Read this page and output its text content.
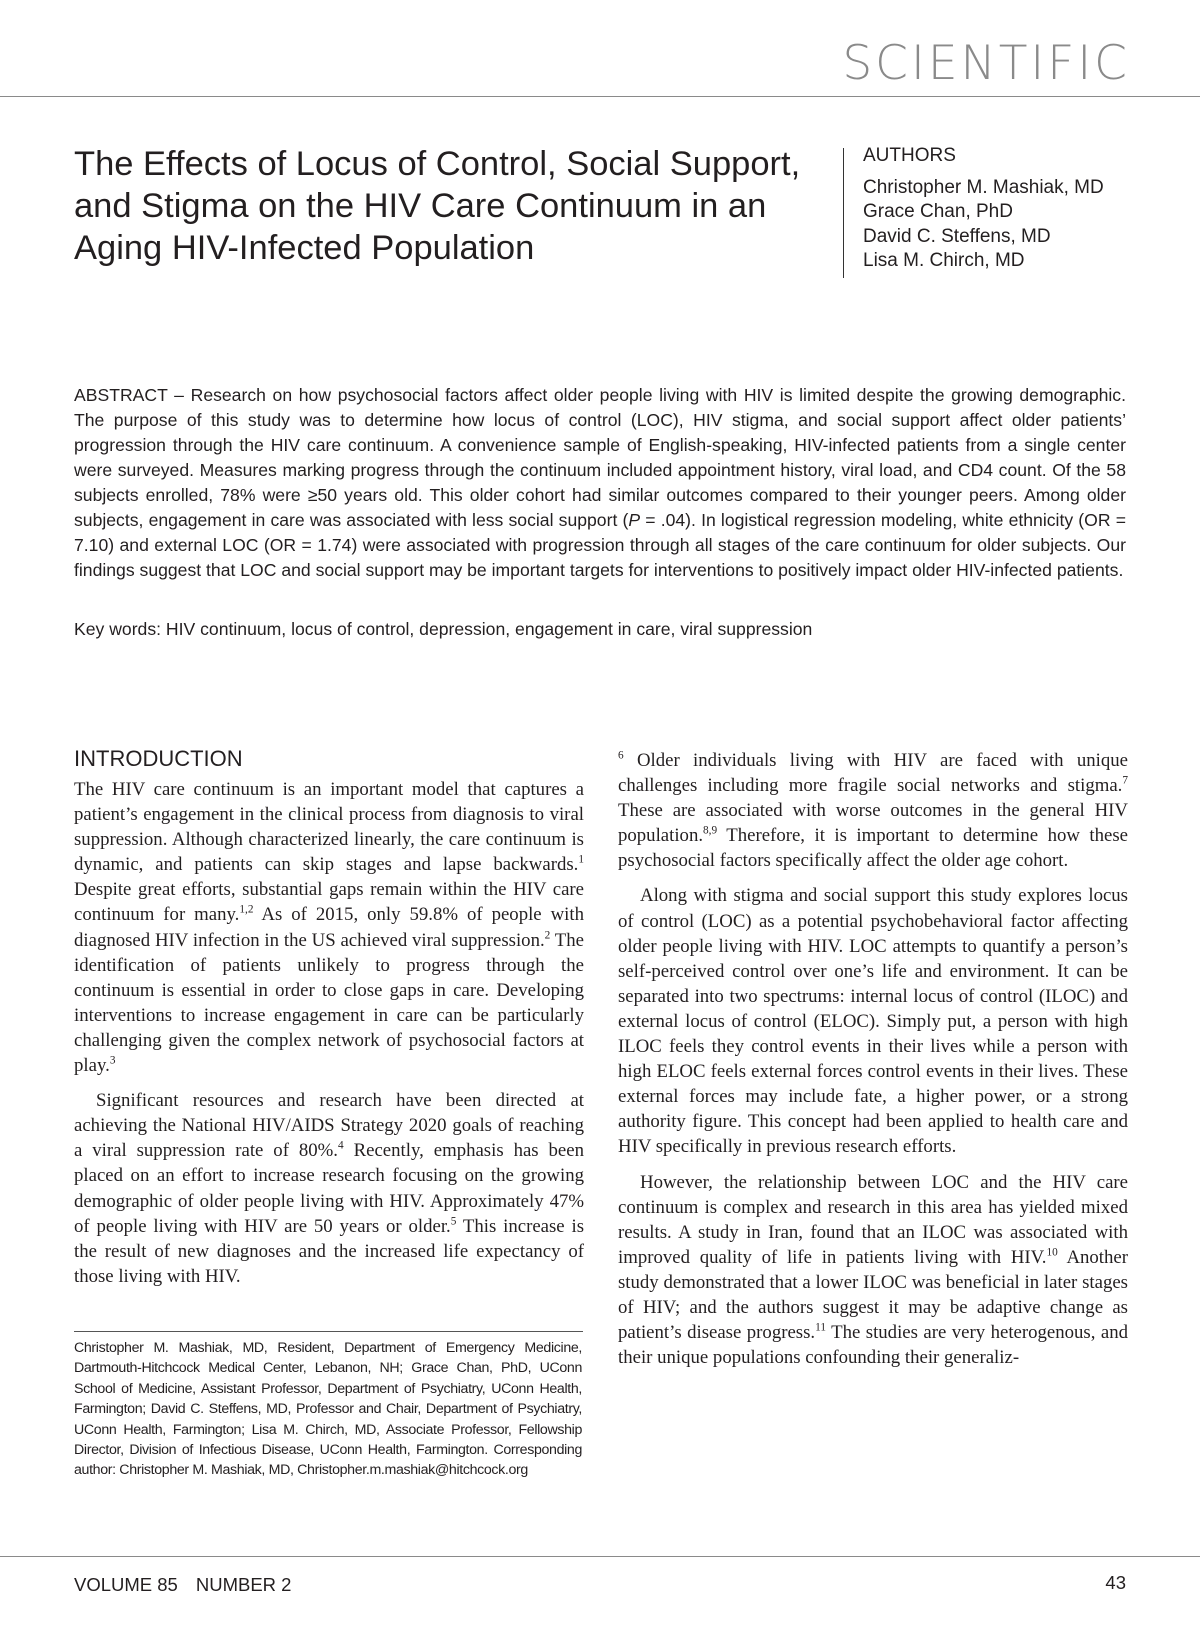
SCIENTIFIC
The Effects of Locus of Control, Social Support, and Stigma on the HIV Care Continuum in an Aging HIV-Infected Population
AUTHORS
Christopher M. Mashiak, MD
Grace Chan, PhD
David C. Steffens, MD
Lisa M. Chirch, MD

ABSTRACT – Research on how psychosocial factors affect older people living with HIV is limited despite the growing demographic. The purpose of this study was to determine how locus of control (LOC), HIV stigma, and social support affect older patients’ progression through the HIV care continuum. A convenience sample of English-speaking, HIV-infected patients from a single center were surveyed. Measures marking progress through the continuum included appointment history, viral load, and CD4 count. Of the 58 subjects enrolled, 78% were ≥50 years old. This older cohort had similar outcomes compared to their younger peers. Among older subjects, engagement in care was associated with less social support (P = .04). In logistical regression modeling, white ethnicity (OR = 7.10) and external LOC (OR = 1.74) were associated with progression through all stages of the care continuum for older subjects. Our findings suggest that LOC and social support may be important targets for interventions to positively impact older HIV-infected patients.

Key words: HIV continuum, locus of control, depression, engagement in care, viral suppression

INTRODUCTION

The HIV care continuum is an important model that captures a patient’s engagement in the clinical process from diagnosis to viral suppression. Although characterized linearly, the care continuum is dynamic, and patients can skip stages and lapse backwards.$^1$ Despite great efforts, substantial gaps remain within the HIV care continuum for many.$^{1,2}$ As of 2015, only 59.8% of people with diagnosed HIV infection in the US achieved viral suppression.$^2$ The identification of patients unlikely to progress through the continuum is essential in order to close gaps in care. Developing interventions to increase engagement in care can be particularly challenging given the complex network of psychosocial factors at play.$^3$

Significant resources and research have been directed at achieving the National HIV/AIDS Strategy 2020 goals of reaching a viral suppression rate of 80%.$^4$ Recently, emphasis has been placed on an effort to increase research focusing on the growing demographic of older people living with HIV. Approximately 47% of people living with HIV are 50 years or older.$^5$ This increase is the result of new diagnoses and the increased life expectancy of those living with HIV.

$^6$ Older individuals living with HIV are faced with unique challenges including more fragile social networks and stigma.$^7$ These are associated with worse outcomes in the general HIV population.$^{8,9}$ Therefore, it is important to determine how these psychosocial factors specifically affect the older age cohort.

Along with stigma and social support this study explores locus of control (LOC) as a potential psychobehavioral factor affecting older people living with HIV. LOC attempts to quantify a person’s self-perceived control over one’s life and environment. It can be separated into two spectrums: internal locus of control (ILOC) and external locus of control (ELOC). Simply put, a person with high ILOC feels they control events in their lives while a person with high ELOC feels external forces control events in their lives. These external forces may include fate, a higher power, or a strong authority figure. This concept had been applied to health care and HIV specifically in previous research efforts.

However, the relationship between LOC and the HIV care continuum is complex and research in this area has yielded mixed results. A study in Iran, found that an ILOC was associated with improved quality of life in patients living with HIV.$^{10}$ Another study demonstrated that a lower ILOC was beneficial in later stages of HIV; and the authors suggest it may be adaptive change as patient’s disease progress.$^{11}$ The studies are very heterogenous, and their unique populations confounding their generaliz-

Christopher M. Mashiak, MD, Resident, Department of Emergency Medicine, Dartmouth-Hitchcock Medical Center, Lebanon, NH; Grace Chan, PhD, UConn School of Medicine, Assistant Professor, Department of Psychiatry, UConn Health, Farmington; David C. Steffens, MD, Professor and Chair, Department of Psychiatry, UConn Health, Farmington; Lisa M. Chirch, MD, Associate Professor, Fellowship Director, Division of Infectious Disease, UConn Health, Farmington. Corresponding author: Christopher M. Mashiak, MD, Christopher.m.mashiak@hitchcock.org

VOLUME 85 NUMBER 2	43
